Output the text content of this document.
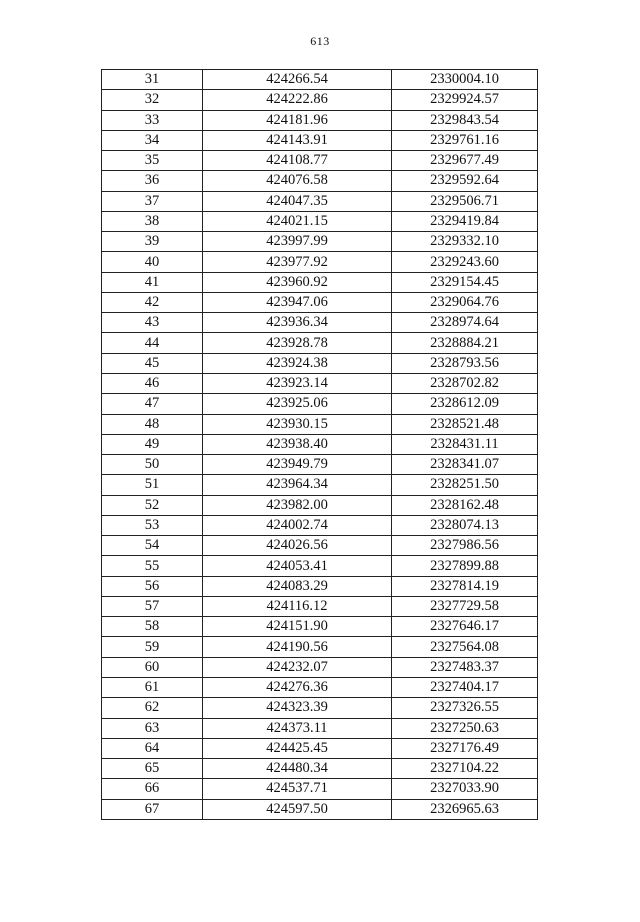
613
31	424266.54	2330004.10
32	424222.86	2329924.57
33	424181.96	2329843.54
34	424143.91	2329761.16
35	424108.77	2329677.49
36	424076.58	2329592.64
37	424047.35	2329506.71
38	424021.15	2329419.84
39	423997.99	2329332.10
40	423977.92	2329243.60
41	423960.92	2329154.45
42	423947.06	2329064.76
43	423936.34	2328974.64
44	423928.78	2328884.21
45	423924.38	2328793.56
46	423923.14	2328702.82
47	423925.06	2328612.09
48	423930.15	2328521.48
49	423938.40	2328431.11
50	423949.79	2328341.07
51	423964.34	2328251.50
52	423982.00	2328162.48
53	424002.74	2328074.13
54	424026.56	2327986.56
55	424053.41	2327899.88
56	424083.29	2327814.19
57	424116.12	2327729.58
58	424151.90	2327646.17
59	424190.56	2327564.08
60	424232.07	2327483.37
61	424276.36	2327404.17
62	424323.39	2327326.55
63	424373.11	2327250.63
64	424425.45	2327176.49
65	424480.34	2327104.22
66	424537.71	2327033.90
67	424597.50	2326965.63
